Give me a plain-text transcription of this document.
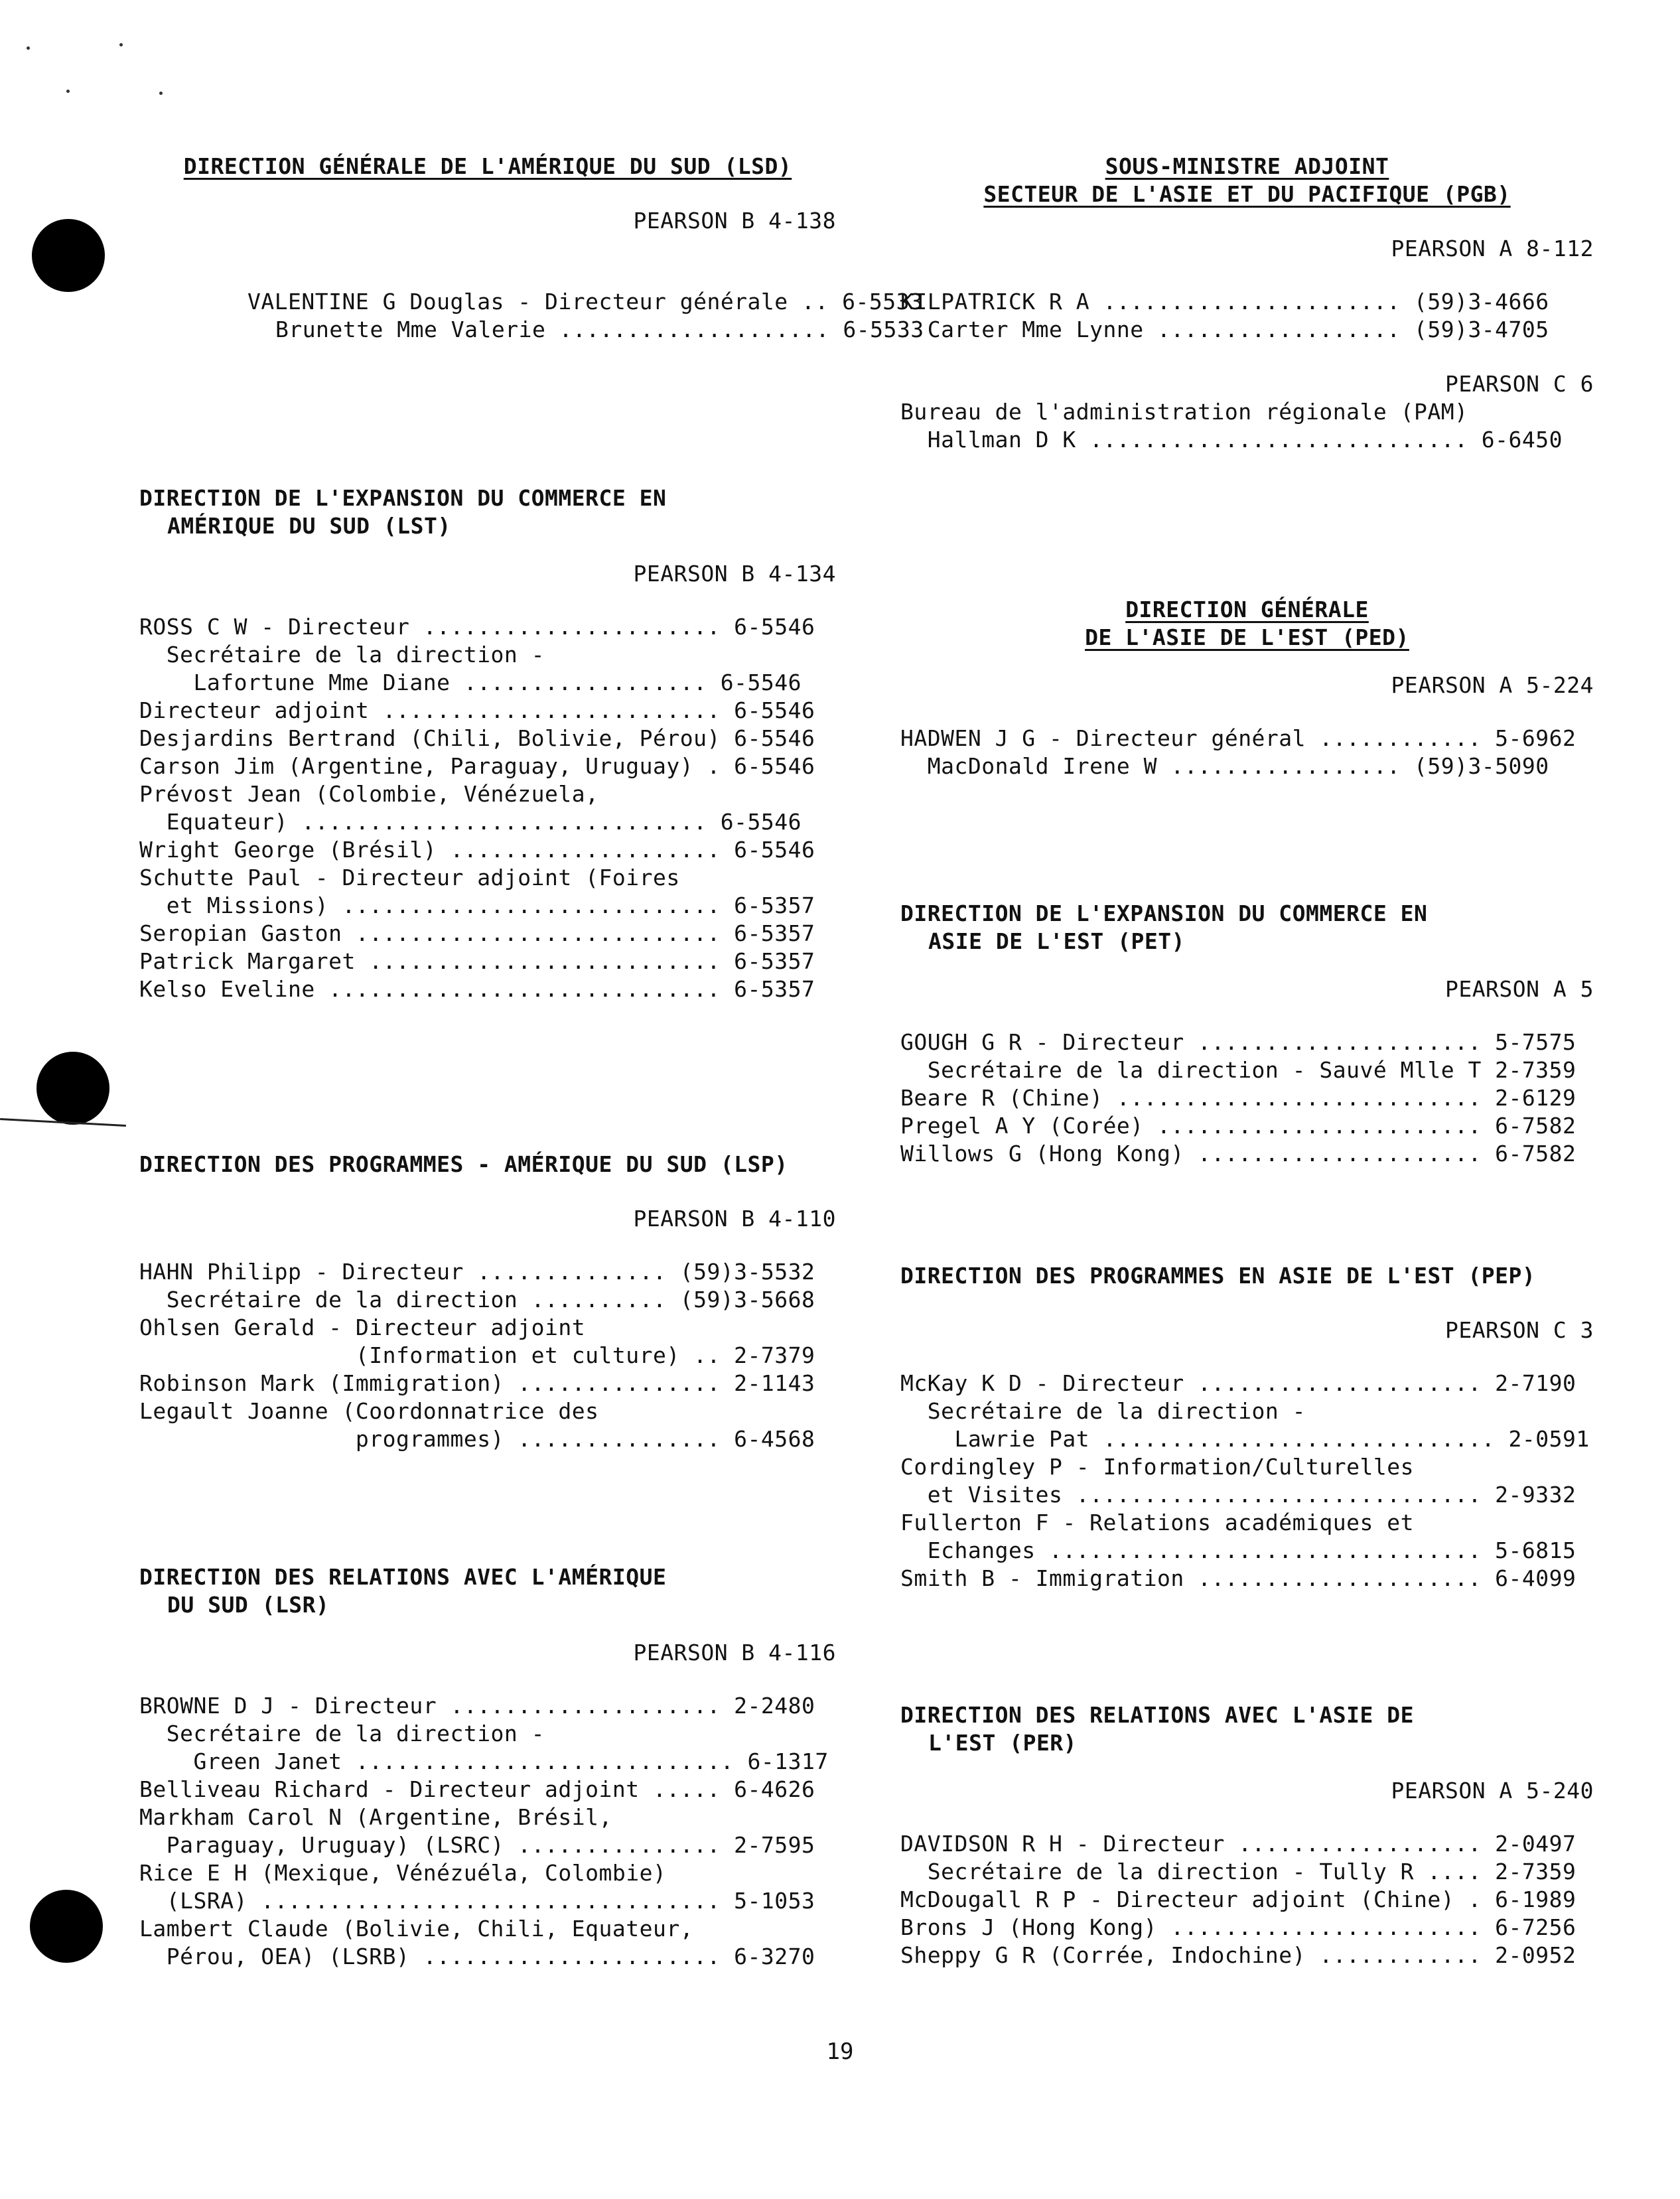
DIRECTION GÉNÉRALE DE L'AMÉRIQUE DU SUD (LSD)
PEARSON B 4-138

VALENTINE G Douglas - Directeur générale .. 6-5533

Brunette Mme Valerie .................... 6-5533

DIRECTION DE L'EXPANSION DU COMMERCE EN
AMÉRIQUE DU SUD (LST)
PEARSON B 4-134
ROSS C W - Directeur ...................... 6-5546
Secrétaire de la direction -
Lafortune Mme Diane .................. 6-5546
Directeur adjoint ......................... 6-5546
Desjardins Bertrand (Chili, Bolivie, Pérou) 6-5546
Carson Jim (Argentine, Paraguay, Uruguay) . 6-5546
Prévost Jean (Colombie, Vénézuela,
Equateur) .............................. 6-5546
Wright George (Brésil) .................... 6-5546
Schutte Paul - Directeur adjoint (Foires
et Missions) ............................ 6-5357
Seropian Gaston ........................... 6-5357
Patrick Margaret .......................... 6-5357
Kelso Eveline ............................. 6-5357
DIRECTION DES PROGRAMMES - AMÉRIQUE DU SUD (LSP)
PEARSON B 4-110
HAHN Philipp - Directeur .............. (59)3-5532
Secrétaire de la direction .......... (59)3-5668
Ohlsen Gerald - Directeur adjoint
(Information et culture) .. 2-7379
Robinson Mark (Immigration) ............... 2-1143
Legault Joanne (Coordonnatrice des
programmes) ............... 6-4568
DIRECTION DES RELATIONS AVEC L'AMÉRIQUE
DU SUD (LSR)
PEARSON B 4-116
BROWNE D J - Directeur .................... 2-2480
Secrétaire de la direction -
Green Janet ............................ 6-1317
Belliveau Richard - Directeur adjoint ..... 6-4626
Markham Carol N (Argentine, Brésil,
Paraguay, Uruguay) (LSRC) ............... 2-7595
Rice E H (Mexique, Vénézuéla, Colombie)
(LSRA) .................................. 5-1053
Lambert Claude (Bolivie, Chili, Equateur,
Pérou, OEA) (LSRB) ...................... 6-3270
SOUS-MINISTRE ADJOINT
SECTEUR DE L'ASIE ET DU PACIFIQUE (PGB)
PEARSON A 8-112
KILPATRICK R A ...................... (59)3-4666
Carter Mme Lynne .................. (59)3-4705
PEARSON C 6
Bureau de l'administration régionale (PAM)
Hallman D K ............................ 6-6450
DIRECTION GÉNÉRALE
DE L'ASIE DE L'EST (PED)
PEARSON A 5-224
HADWEN J G - Directeur général ............ 5-6962
MacDonald Irene W ................. (59)3-5090
DIRECTION DE L'EXPANSION DU COMMERCE EN
ASIE DE L'EST (PET)
PEARSON A 5
GOUGH G R - Directeur ..................... 5-7575
Secrétaire de la direction - Sauvé Mlle T 2-7359
Beare R (Chine) ........................... 2-6129
Pregel A Y (Corée) ........................ 6-7582
Willows G (Hong Kong) ..................... 6-7582
DIRECTION DES PROGRAMMES EN ASIE DE L'EST (PEP)
PEARSON C 3
McKay K D - Directeur ..................... 2-7190
Secrétaire de la direction -
Lawrie Pat ............................. 2-0591
Cordingley P - Information/Culturelles
et Visites .............................. 2-9332
Fullerton F - Relations académiques et
Echanges ................................ 5-6815
Smith B - Immigration ..................... 6-4099
DIRECTION DES RELATIONS AVEC L'ASIE DE
L'EST (PER)
PEARSON A 5-240
DAVIDSON R H - Directeur .................. 2-0497
Secrétaire de la direction - Tully R .... 2-7359
McDougall R P - Directeur adjoint (Chine) . 6-1989
Brons J (Hong Kong) ....................... 6-7256
Sheppy G R (Corrée, Indochine) ............ 2-0952
19
